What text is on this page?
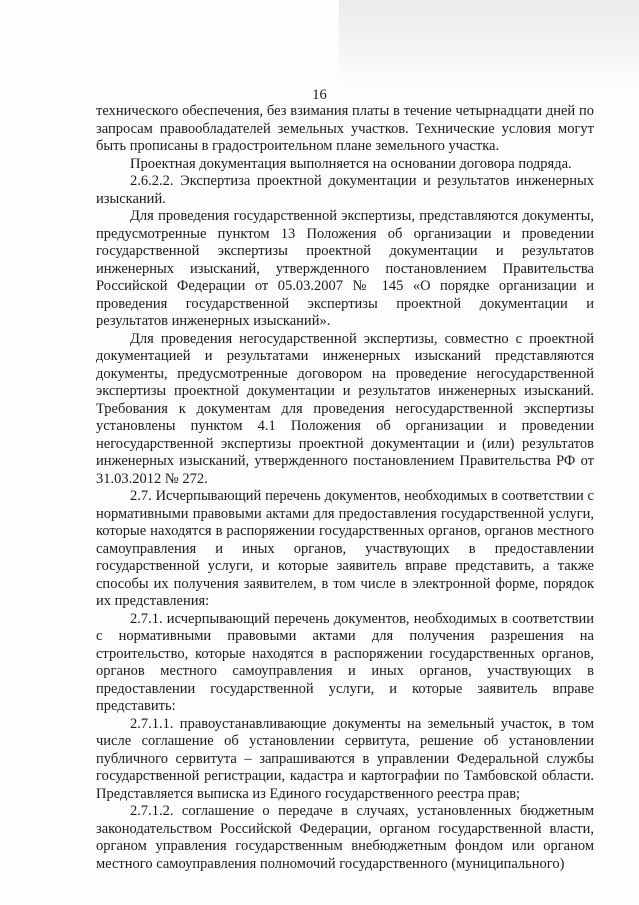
16

технического обеспечения, без взимания платы в течение четырнадцати дней по запросам правообладателей земельных участков. Технические условия могут быть прописаны в градостроительном плане земельного участка.

Проектная документация выполняется на основании договора подряда.

2.6.2.2. Экспертиза проектной документации и результатов инженерных изысканий.

Для проведения государственной экспертизы, представляются документы, предусмотренные пунктом 13 Положения об организации и проведении государственной экспертизы проектной документации и результатов инженерных изысканий, утвержденного постановлением Правительства Российской Федерации от 05.03.2007 № 145 «О порядке организации и проведения государственной экспертизы проектной документации и результатов инженерных изысканий».

Для проведения негосударственной экспертизы, совместно с проектной документацией и результатами инженерных изысканий представляются документы, предусмотренные договором на проведение негосударственной экспертизы проектной документации и результатов инженерных изысканий. Требования к документам для проведения негосударственной экспертизы установлены пунктом 4.1 Положения об организации и проведении негосударственной экспертизы проектной документации и (или) результатов инженерных изысканий, утвержденного постановлением Правительства РФ от 31.03.2012 № 272.

2.7. Исчерпывающий перечень документов, необходимых в соответствии с нормативными правовыми актами для предоставления государственной услуги, которые находятся в распоряжении государственных органов, органов местного самоуправления и иных органов, участвующих в предоставлении государственной услуги, и которые заявитель вправе представить, а также способы их получения заявителем, в том числе в электронной форме, порядок их представления:

2.7.1. исчерпывающий перечень документов, необходимых в соответствии с нормативными правовыми актами для получения разрешения на строительство, которые находятся в распоряжении государственных органов, органов местного самоуправления и иных органов, участвующих в предоставлении государственной услуги, и которые заявитель вправе представить:

2.7.1.1. правоустанавливающие документы на земельный участок, в том числе соглашение об установлении сервитута, решение об установлении публичного сервитута – запрашиваются в управлении Федеральной службы государственной регистрации, кадастра и картографии по Тамбовской области. Представляется выписка из Единого государственного реестра прав;

2.7.1.2. соглашение о передаче в случаях, установленных бюджетным законодательством Российской Федерации, органом государственной власти, органом управления государственным внебюджетным фондом или органом местного самоуправления полномочий государственного (муниципального)
